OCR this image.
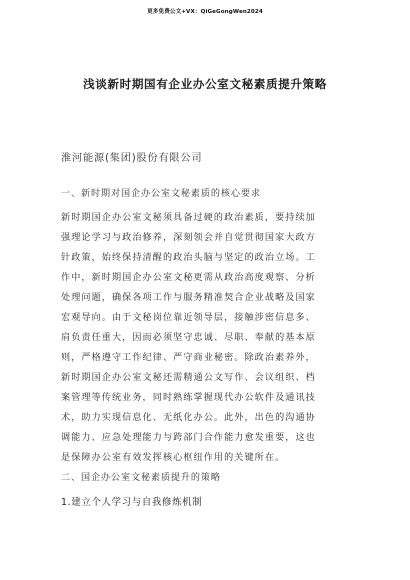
更多免费公文+VX：QiGeGongWen2024
浅谈新时期国有企业办公室文秘素质提升策略
淮河能源(集团)股份有限公司
一、新时期对国企办公室文秘素质的核心要求
新时期国企办公室文秘须具备过硬的政治素质，要持续加
强理论学习与政治修养，深刻领会并自觉贯彻国家大政方
针政策，始终保持清醒的政治头脑与坚定的政治立场。工
作中，新时期国企办公室文秘更需从政治高度观察、分析
处理问题，确保各项工作与服务精准契合企业战略及国家
宏观导向。由于文秘岗位靠近领导层，接触涉密信息多、
肩负责任重大，因而必须坚守忠诚、尽职、奉献的基本原
则，严格遵守工作纪律、严守商业秘密。除政治素养外，
新时期国企办公室文秘还需精通公文写作、会议组织、档
案管理等传统业务，同时熟练掌握现代办公软件及通讯技
术，助力实现信息化、无纸化办公。此外，出色的沟通协
调能力、应急处理能力与跨部门合作能力愈发重要，这也
是保障办公室有效发挥核心枢纽作用的关键所在。
二、国企办公室文秘素质提升的策略
1.建立个人学习与自我修炼机制
